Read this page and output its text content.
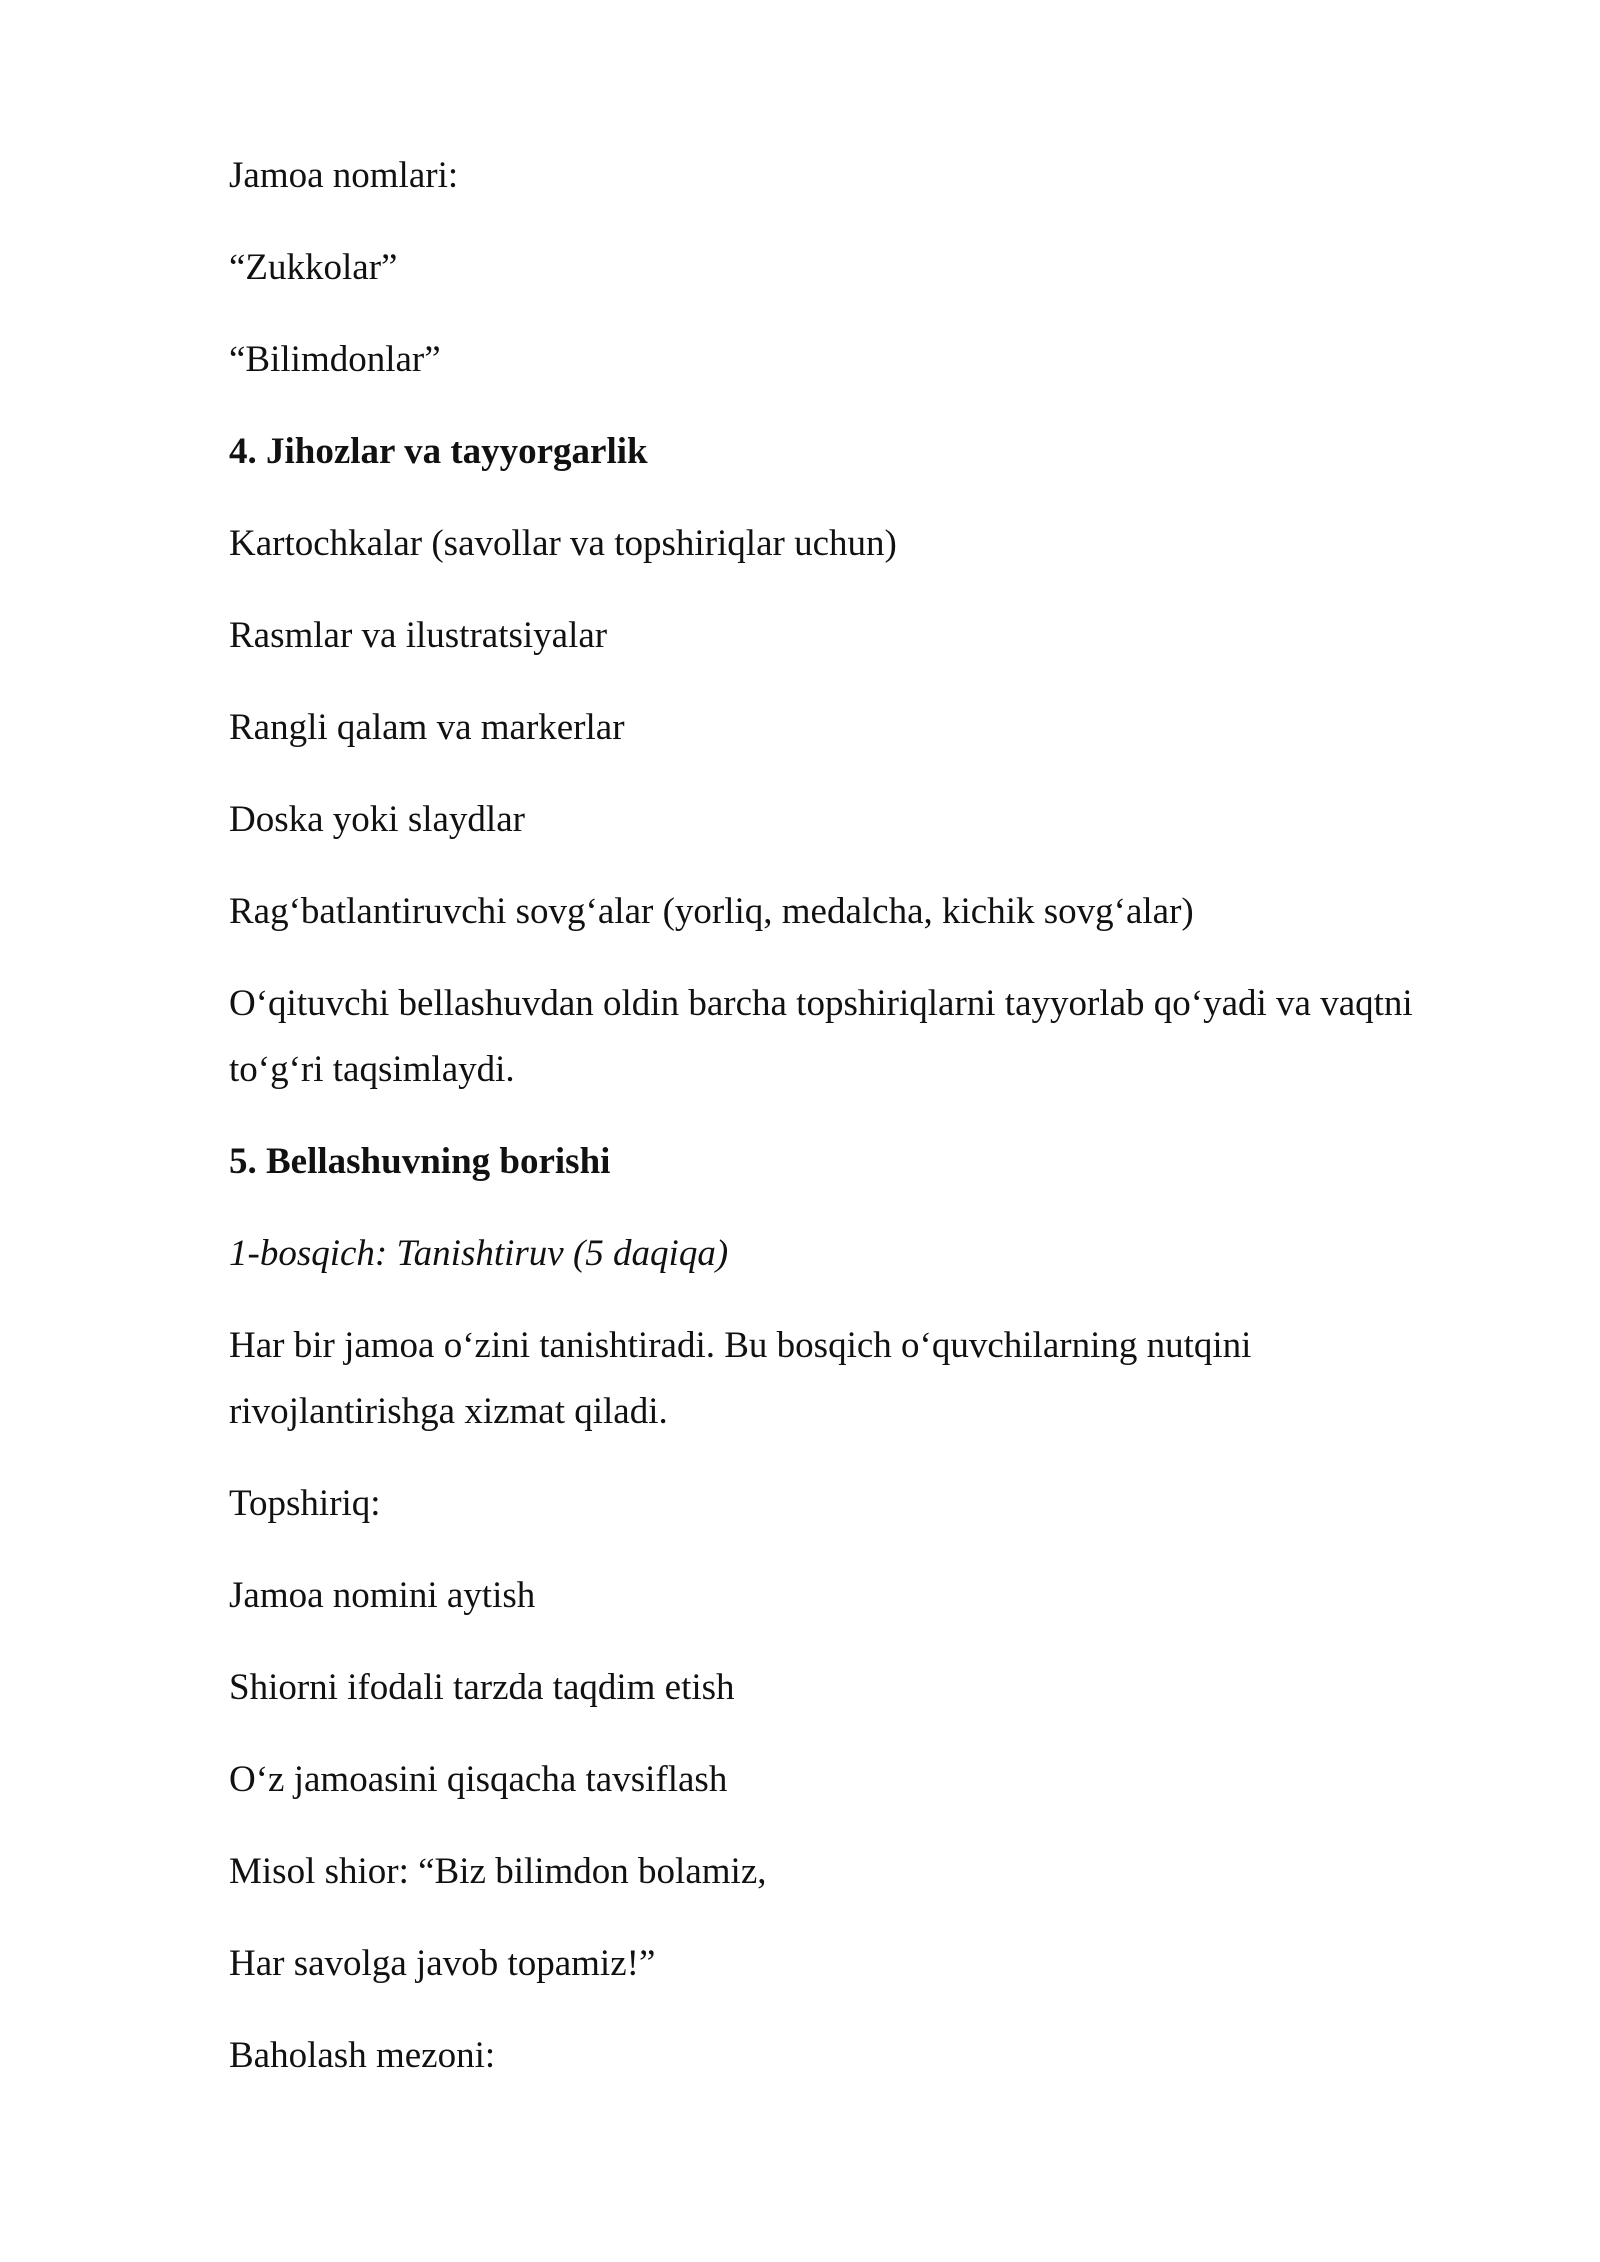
Jamoa nomlari:
“Zukkolar”
“Bilimdonlar”
4. Jihozlar va tayyorgarlik
Kartochkalar (savollar va topshiriqlar uchun)
Rasmlar va ilustratsiyalar
Rangli qalam va markerlar
Doska yoki slaydlar
Rag‘batlantiruvchi sovg‘alar (yorliq, medalcha, kichik sovg‘alar)
O‘qituvchi bellashuvdan oldin barcha topshiriqlarni tayyorlab qo‘yadi va vaqtni
to‘g‘ri taqsimlaydi.
5. Bellashuvning borishi
1-bosqich: Tanishtiruv (5 daqiqa)
Har bir jamoa o‘zini tanishtiradi. Bu bosqich o‘quvchilarning nutqini
rivojlantirishga xizmat qiladi.
Topshiriq:
Jamoa nomini aytish
Shiorni ifodali tarzda taqdim etish
O‘z jamoasini qisqacha tavsiflash
Misol shior: “Biz bilimdon bolamiz,
Har savolga javob topamiz!”
Baholash mezoni:
